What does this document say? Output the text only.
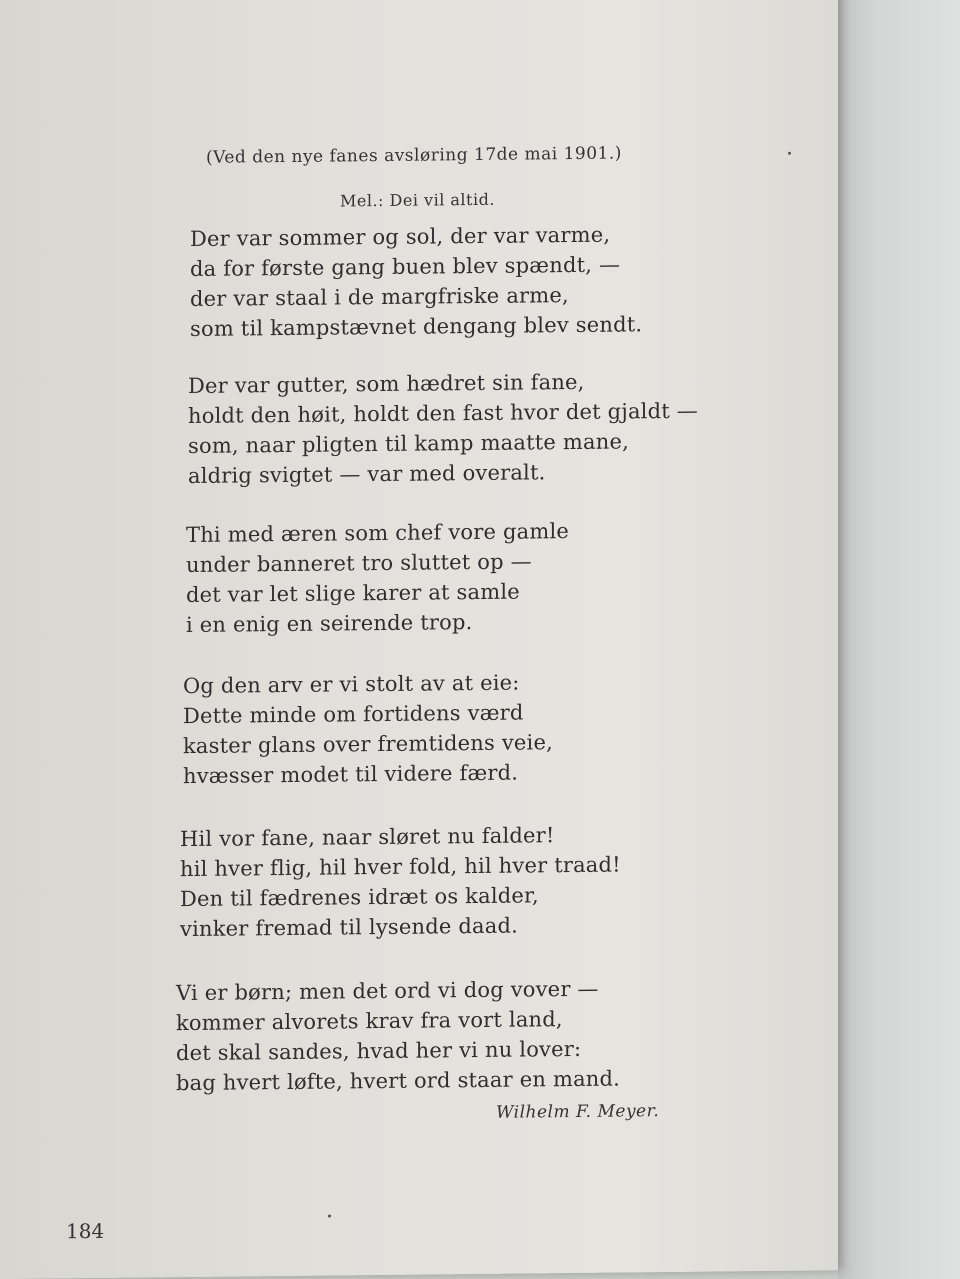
(Ved den nye fanes avsløring 17de mai 1901.)
Mel.: Dei vil altid.
Der var sommer og sol, der var varme,
da for første gang buen blev spændt, —
der var staal i de margfriske arme,
som til kampstævnet dengang blev sendt.
Der var gutter, som hædret sin fane,
holdt den høit, holdt den fast hvor det gjaldt —
som, naar pligten til kamp maatte mane,
aldrig svigtet — var med overalt.
Thi med æren som chef vore gamle
under banneret tro sluttet op —
det var let slige karer at samle
i en enig en seirende trop.
Og den arv er vi stolt av at eie:
Dette minde om fortidens værd
kaster glans over fremtidens veie,
hvæsser modet til videre færd.
Hil vor fane, naar sløret nu falder!
hil hver flig, hil hver fold, hil hver traad!
Den til fædrenes idræt os kalder,
vinker fremad til lysende daad.
Vi er børn; men det ord vi dog vover —
kommer alvorets krav fra vort land,
det skal sandes, hvad her vi nu lover:
bag hvert løfte, hvert ord staar en mand.
Wilhelm F. Meyer.
184
